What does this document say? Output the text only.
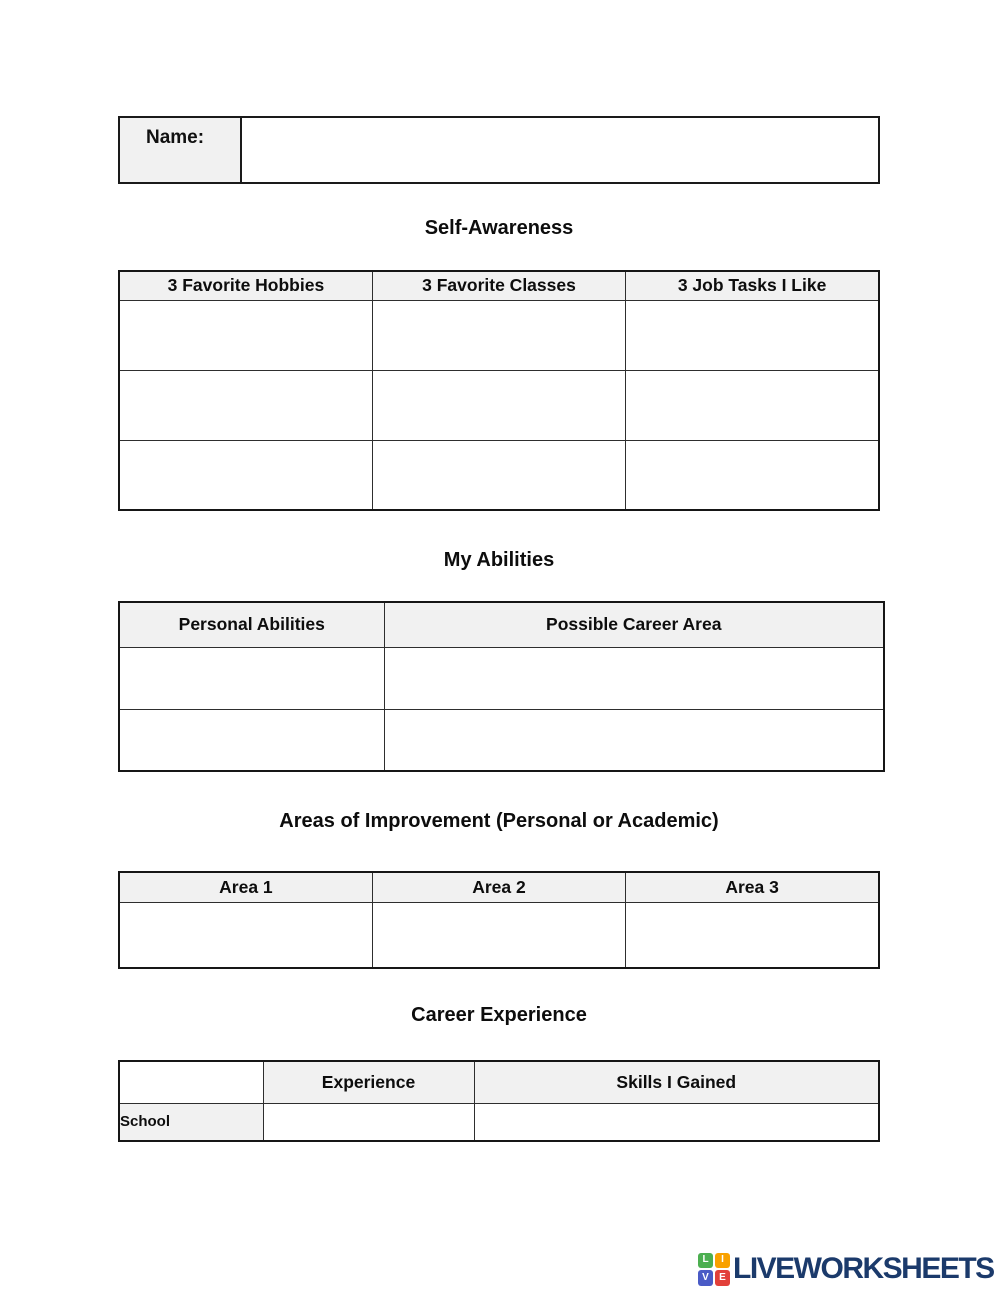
Name:
Self-Awareness
3 Favorite Hobbies	3 Favorite Classes	3 Job Tasks I Like

My Abilities
Personal Abilities	Possible Career Area

Areas of Improvement (Personal or Academic)
Area 1	Area 2	Area 3

Career Experience
	Experience	Skills I Gained
School		
L	I
V	E LIVEWORKSHEETS
